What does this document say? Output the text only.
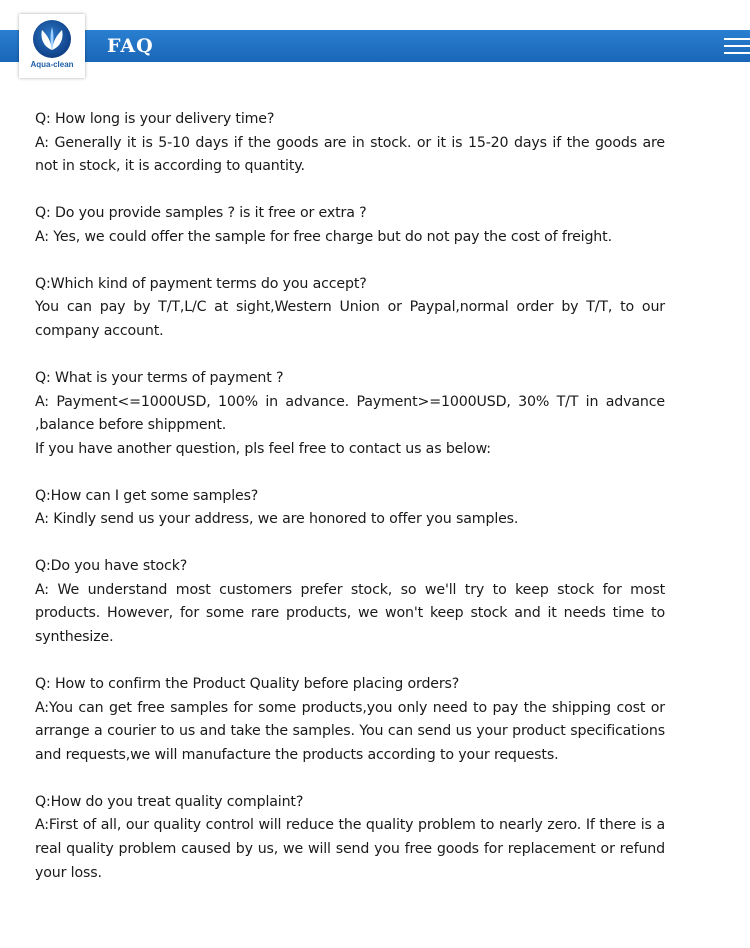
FAQ
Aqua-clean

Q: How long is your delivery time?

A: Generally it is 5-10 days if the goods are in stock. or it is 15-20 days if the goods are not in stock, it is according to quantity.

Q: Do you provide samples ? is it free or extra ?

A: Yes, we could offer the sample for free charge but do not pay the cost of freight.

Q:Which kind of payment terms do you accept?

You can pay by T/T,L/C at sight,Western Union or Paypal,normal order by T/T, to our company account.

Q: What is your terms of payment ?

A: Payment<=1000USD, 100% in advance. Payment>=1000USD, 30% T/T in advance ,balance before shippment.

If you have another question, pls feel free to contact us as below:

Q:How can I get some samples?

A: Kindly send us your address, we are honored to offer you samples.

Q:Do you have stock?

A: We understand most customers prefer stock, so we'll try to keep stock for most products. However, for some rare products, we won't keep stock and it needs time to synthesize.

Q: How to confirm the Product Quality before placing orders?

A:You can get free samples for some products,you only need to pay the shipping cost or arrange a courier to us and take the samples. You can send us your product specifications and requests,we will manufacture the products according to your requests.

Q:How do you treat quality complaint?

A:First of all, our quality control will reduce the quality problem to nearly zero. If there is a real quality problem caused by us, we will send you free goods for replacement or refund your loss.
